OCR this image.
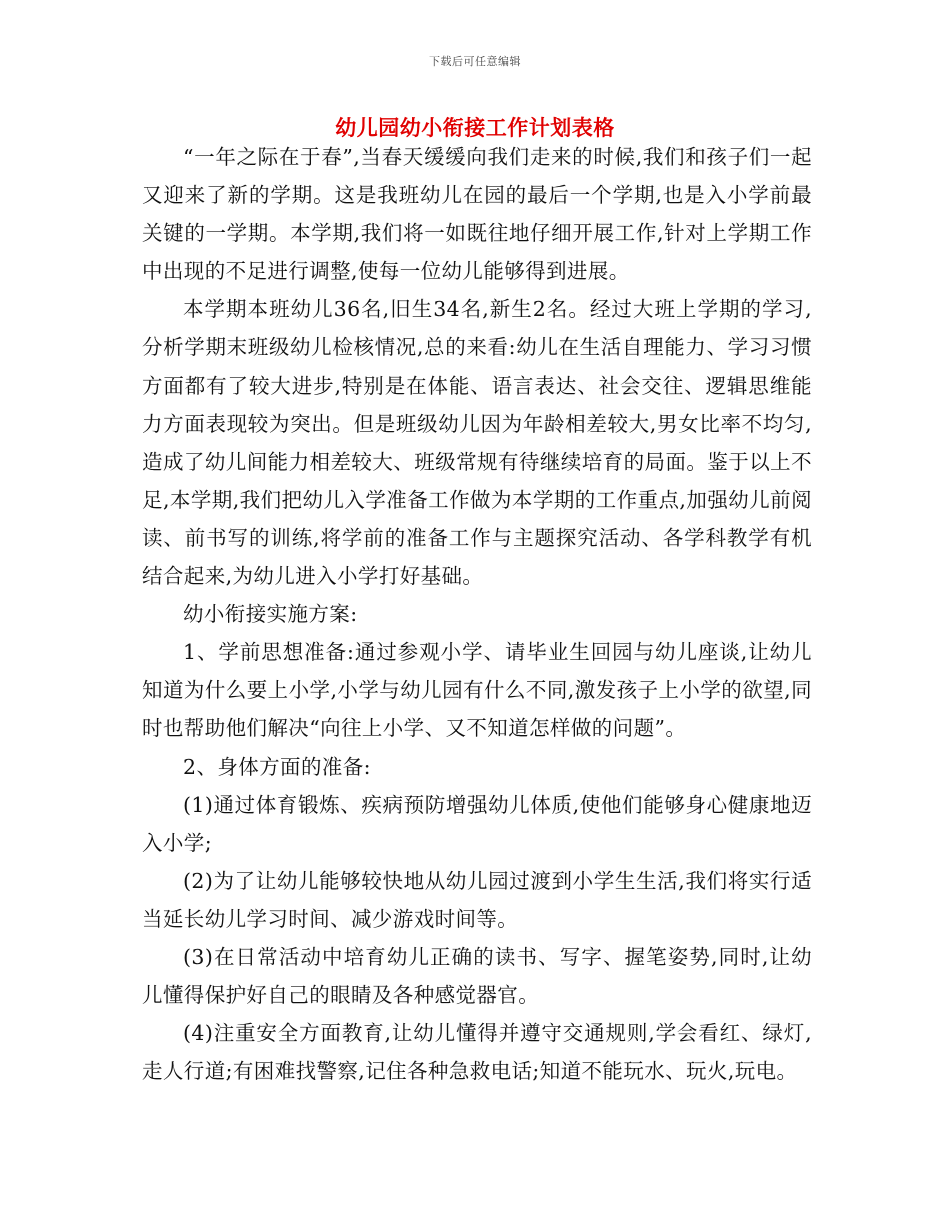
下载后可任意编辑
幼儿园幼小衔接工作计划表格

“一年之际在于春”,当春天缓缓向我们走来的时候,我们和孩子们一起又迎来了新的学期。这是我班幼儿在园的最后一个学期,也是入小学前最关键的一学期。本学期,我们将一如既往地仔细开展工作,针对上学期工作中出现的不足进行调整,使每一位幼儿能够得到进展。

本学期本班幼儿36名,旧生34名,新生2名。经过大班上学期的学习,分析学期末班级幼儿检核情况,总的来看:幼儿在生活自理能力、学习习惯方面都有了较大进步,特别是在体能、语言表达、社会交往、逻辑思维能力方面表现较为突出。但是班级幼儿因为年龄相差较大,男女比率不均匀,造成了幼儿间能力相差较大、班级常规有待继续培育的局面。鉴于以上不足,本学期,我们把幼儿入学准备工作做为本学期的工作重点,加强幼儿前阅读、前书写的训练,将学前的准备工作与主题探究活动、各学科教学有机结合起来,为幼儿进入小学打好基础。

幼小衔接实施方案:

1、学前思想准备:通过参观小学、请毕业生回园与幼儿座谈,让幼儿知道为什么要上小学,小学与幼儿园有什么不同,激发孩子上小学的欲望,同时也帮助他们解决“向往上小学、又不知道怎样做的问题”。

2、身体方面的准备:

(1)通过体育锻炼、疾病预防增强幼儿体质,使他们能够身心健康地迈入小学;

(2)为了让幼儿能够较快地从幼儿园过渡到小学生生活,我们将实行适当延长幼儿学习时间、减少游戏时间等。

(3)在日常活动中培育幼儿正确的读书、写字、握笔姿势,同时,让幼儿懂得保护好自己的眼睛及各种感觉器官。

(4)注重安全方面教育,让幼儿懂得并遵守交通规则,学会看红、绿灯,走人行道;有困难找警察,记住各种急救电话;知道不能玩水、玩火,玩电。
